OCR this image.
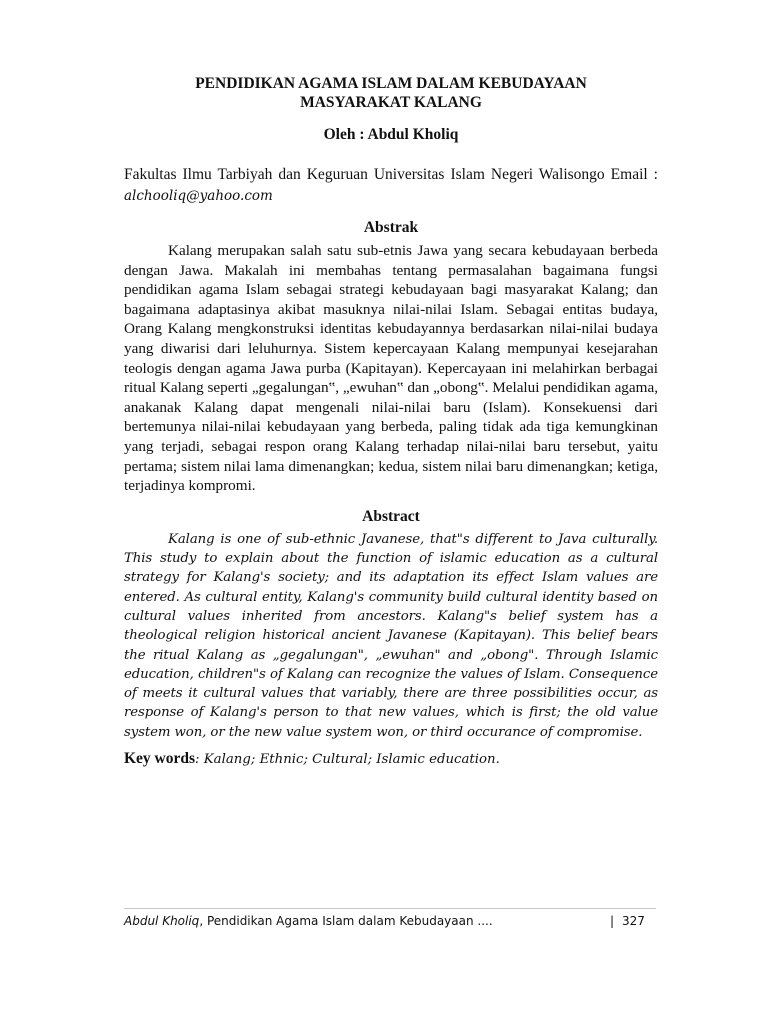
PENDIDIKAN AGAMA ISLAM DALAM KEBUDAYAAN
MASYARAKAT KALANG
Oleh : Abdul Kholiq
Fakultas Ilmu Tarbiyah dan Keguruan Universitas Islam Negeri Walisongo Email : alchooliq@yahoo.com
Abstrak

Kalang merupakan salah satu sub-etnis Jawa yang secara kebudayaan berbeda dengan Jawa. Makalah ini membahas tentang permasalahan bagaimana fungsi pendidikan agama Islam sebagai strategi kebudayaan bagi masyarakat Kalang; dan bagaimana adaptasinya akibat masuknya nilai-nilai Islam. Sebagai entitas budaya, Orang Kalang mengkonstruksi identitas kebudayannya berdasarkan nilai-nilai budaya yang diwarisi dari leluhurnya. Sistem kepercayaan Kalang mempunyai kesejarahan teologis dengan agama Jawa purba (Kapitayan). Kepercayaan ini melahirkan berbagai ritual Kalang seperti „gegalungan‟, „ewuhan‟ dan „obong‟. Melalui pendidikan agama, anakanak Kalang dapat mengenali nilai-nilai baru (Islam). Konsekuensi dari bertemunya nilai-nilai kebudayaan yang berbeda, paling tidak ada tiga kemungkinan yang terjadi, sebagai respon orang Kalang terhadap nilai-nilai baru tersebut, yaitu pertama; sistem nilai lama dimenangkan; kedua, sistem nilai baru dimenangkan; ketiga, terjadinya kompromi.

Abstract

Kalang is one of sub-ethnic Javanese, that"s different to Java culturally. This study to explain about the function of islamic education as a cultural strategy for Kalang's society; and its adaptation its effect Islam values are entered. As cultural entity, Kalang's community build cultural identity based on cultural values inherited from ancestors. Kalang"s belief system has a theological religion historical ancient Javanese (Kapitayan). This belief bears the ritual Kalang as „gegalungan", „ewuhan" and „obong". Through Islamic education, children"s of Kalang can recognize the values of Islam. Consequence of meets it cultural values that variably, there are three possibilities occur, as response of Kalang's person to that new values, which is first; the old value system won, or the new value system won, or third occurance of compromise.

Key words: Kalang; Ethnic; Cultural; Islamic education.
Abdul Kholiq, Pendidikan Agama Islam dalam Kebudayaan ....	| 327
